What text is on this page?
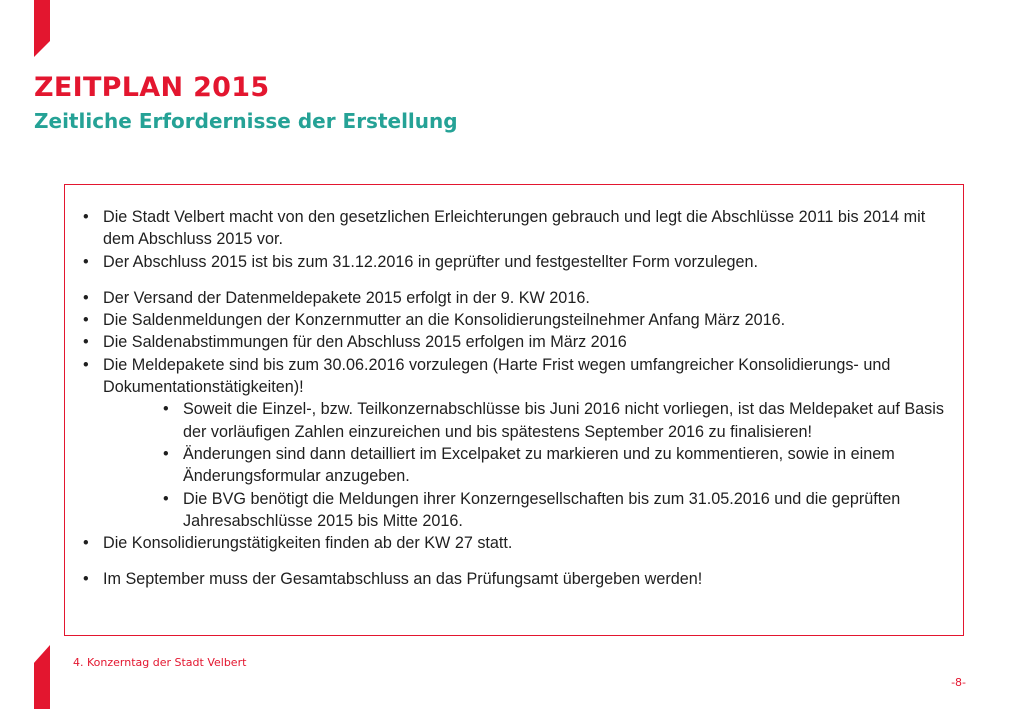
ZEITPLAN 2015
Zeitliche Erfordernisse der Erstellung
• Die Stadt Velbert macht von den gesetzlichen Erleichterungen gebrauch und legt die Abschlüsse 2011 bis 2014 mit dem Abschluss 2015 vor.
• Der Abschluss 2015 ist bis zum 31.12.2016 in geprüfter und festgestellter Form vorzulegen.
• Der Versand der Datenmeldepakete 2015 erfolgt in der 9. KW 2016.
• Die Saldenmeldungen der Konzernmutter an die Konsolidierungsteilnehmer Anfang März 2016.
• Die Saldenabstimmungen für den Abschluss 2015 erfolgen im März 2016
• Die Meldepakete sind bis zum 30.06.2016 vorzulegen (Harte Frist wegen umfangreicher Konsolidierungs- und Dokumentationstätigkeiten)!
• Soweit die Einzel-, bzw. Teilkonzernabschlüsse bis Juni 2016 nicht vorliegen, ist das Meldepaket auf Basis der vorläufigen Zahlen einzureichen und bis spätestens September 2016 zu finalisieren!
• Änderungen sind dann detailliert im Excelpaket zu markieren und zu kommentieren, sowie in einem Änderungsformular anzugeben.
• Die BVG benötigt die Meldungen ihrer Konzerngesellschaften bis zum 31.05.2016 und die geprüften Jahresabschlüsse 2015 bis Mitte 2016.
• Die Konsolidierungstätigkeiten finden ab der KW 27 statt.
• Im September muss der Gesamtabschluss an das Prüfungsamt übergeben werden!
4. Konzerntag der Stadt Velbert
-8-
